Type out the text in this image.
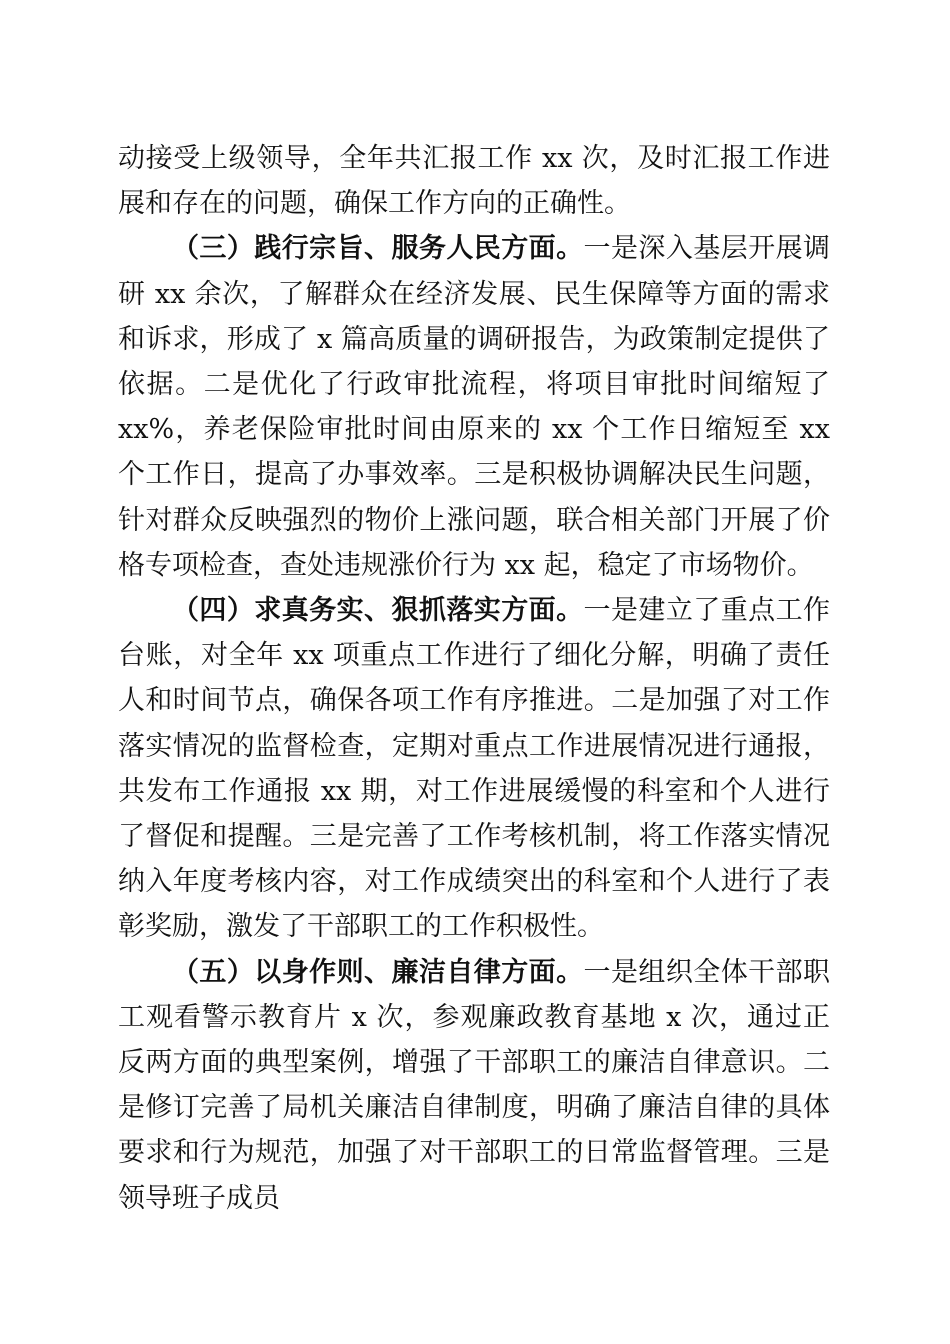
动接受上级领导，全年共汇报工作 xx 次，及时汇报工作进展和存在的问题，确保工作方向的正确性。

（三）践行宗旨、服务人民方面。一是深入基层开展调研 xx 余次，了解群众在经济发展、民生保障等方面的需求和诉求，形成了 x 篇高质量的调研报告，为政策制定提供了依据。二是优化了行政审批流程，将项目审批时间缩短了 xx%，养老保险审批时间由原来的 xx 个工作日缩短至 xx 个工作日，提高了办事效率。三是积极协调解决民生问题，针对群众反映强烈的物价上涨问题，联合相关部门开展了价格专项检查，查处违规涨价行为 xx 起，稳定了市场物价。

（四）求真务实、狠抓落实方面。一是建立了重点工作台账，对全年 xx 项重点工作进行了细化分解，明确了责任人和时间节点，确保各项工作有序推进。二是加强了对工作落实情况的监督检查，定期对重点工作进展情况进行通报，共发布工作通报 xx 期，对工作进展缓慢的科室和个人进行了督促和提醒。三是完善了工作考核机制，将工作落实情况纳入年度考核内容，对工作成绩突出的科室和个人进行了表彰奖励，激发了干部职工的工作积极性。

（五）以身作则、廉洁自律方面。一是组织全体干部职工观看警示教育片 x 次，参观廉政教育基地 x 次，通过正反两方面的典型案例，增强了干部职工的廉洁自律意识。二是修订完善了局机关廉洁自律制度，明确了廉洁自律的具体要求和行为规范，加强了对干部职工的日常监督管理。三是领导班子成员
